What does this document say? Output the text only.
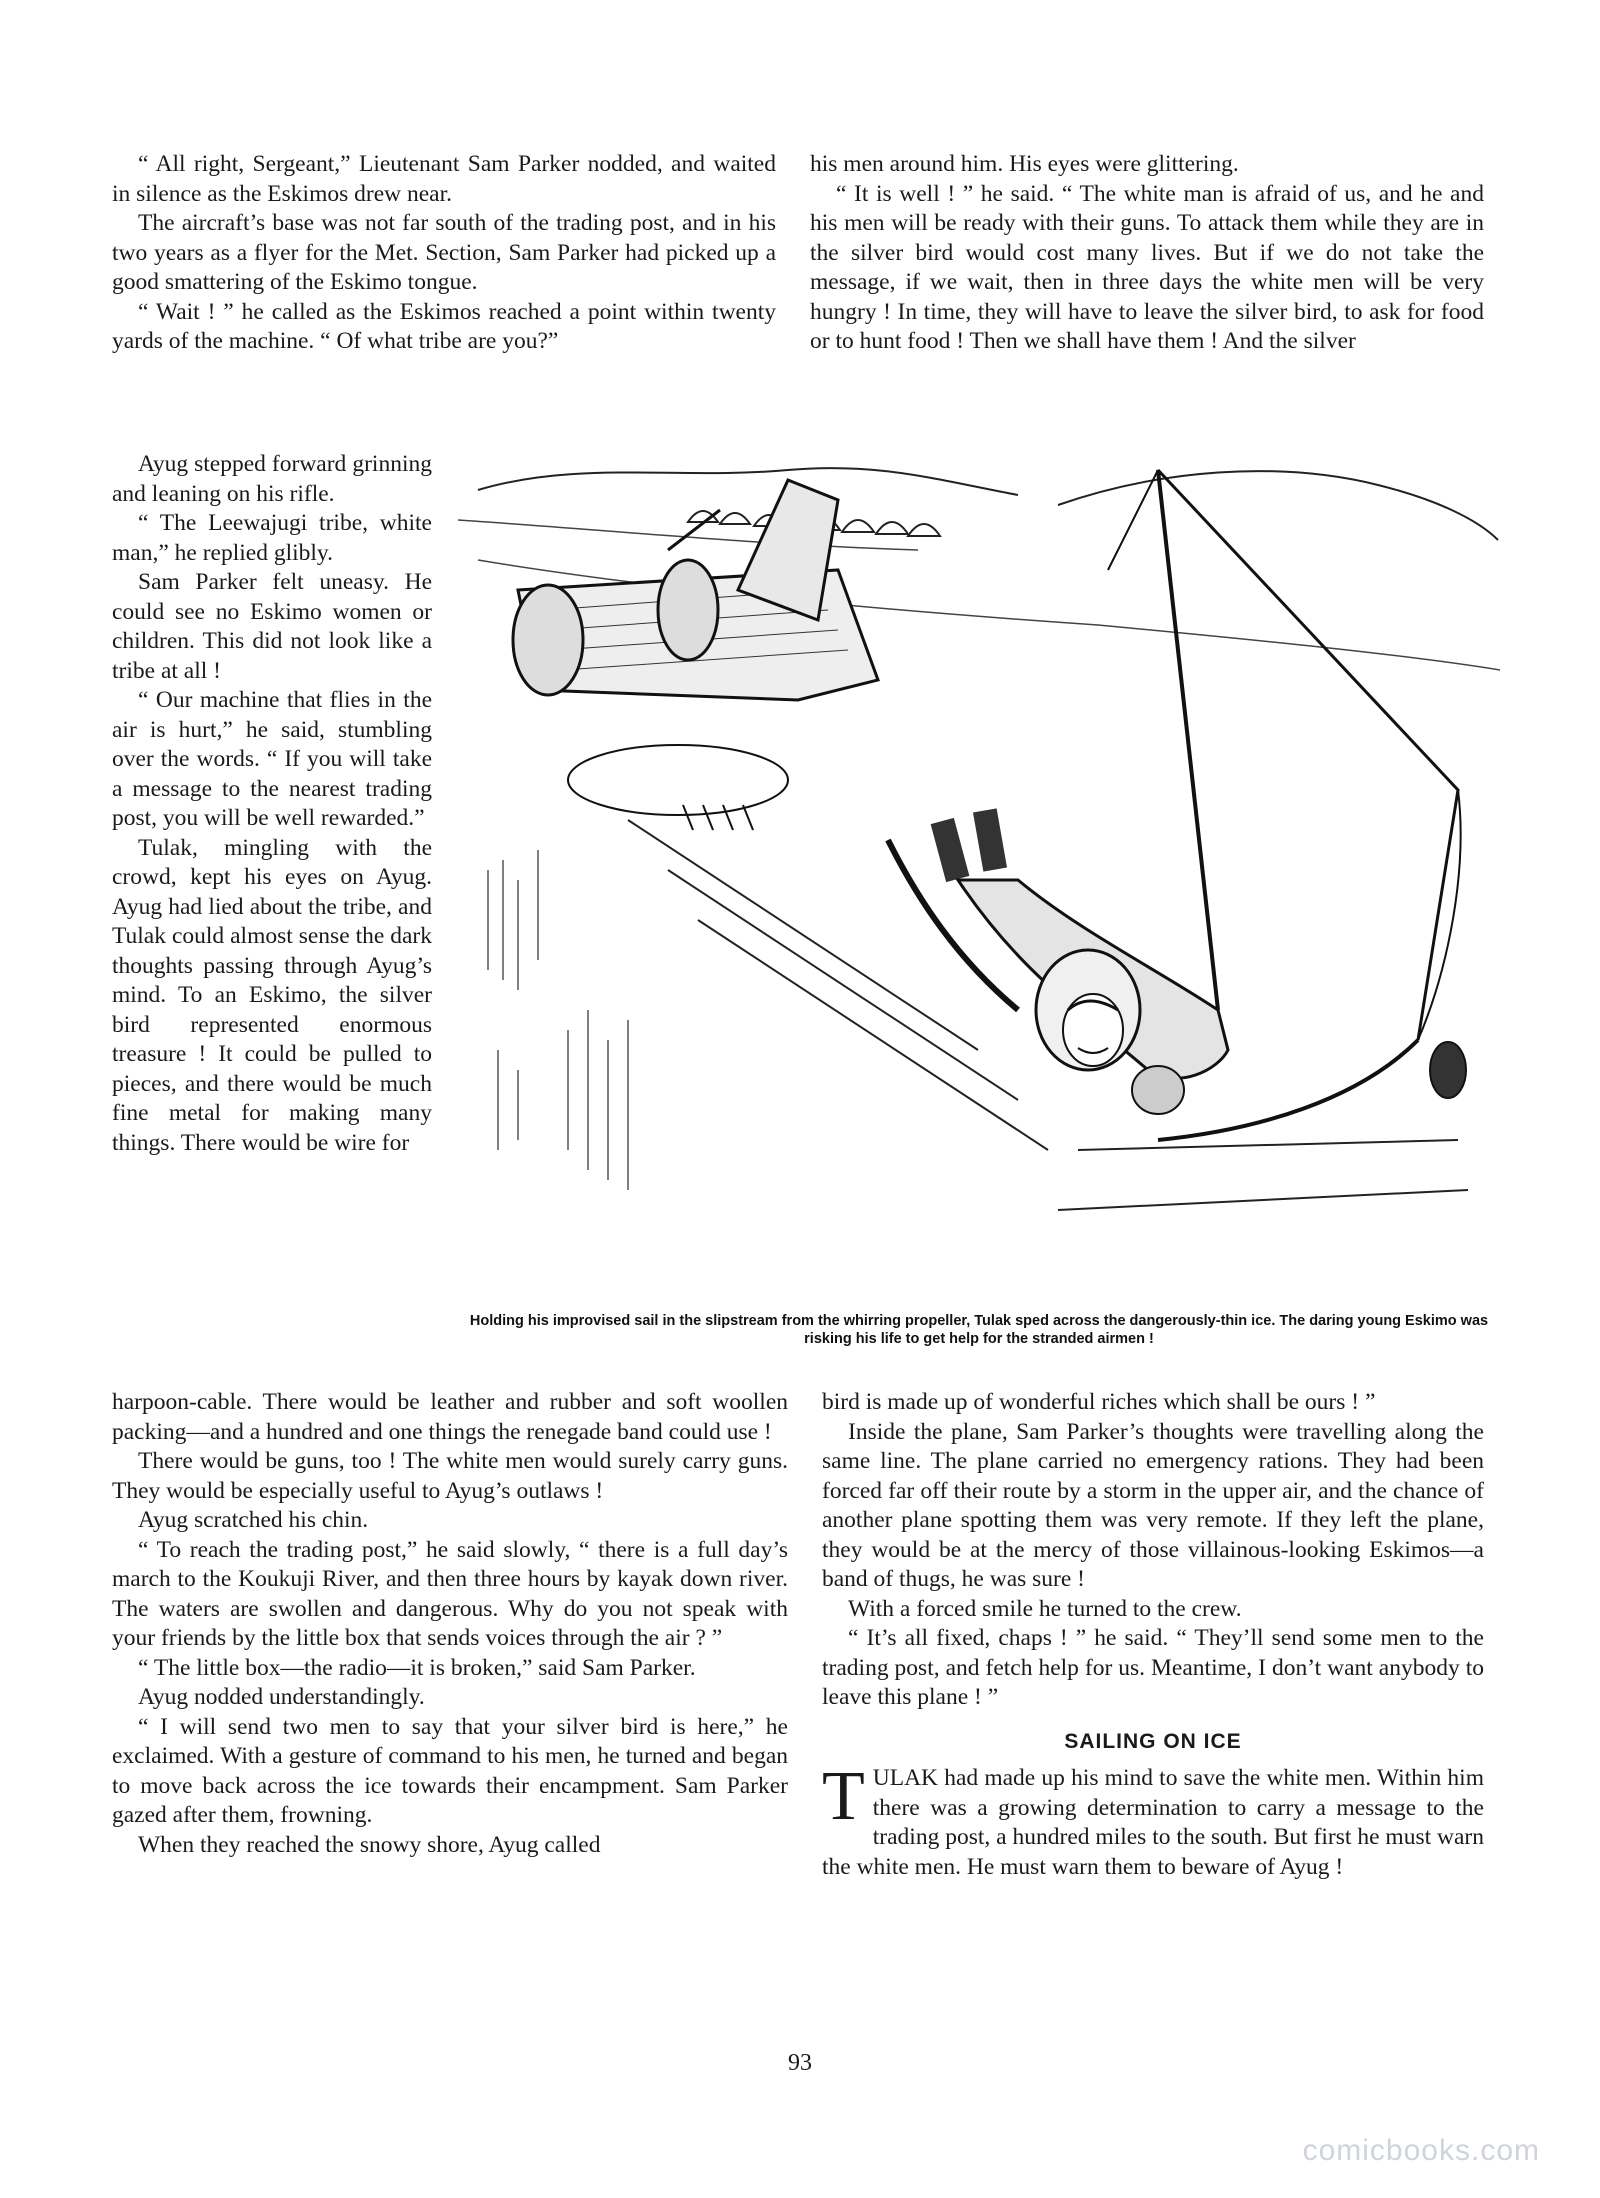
“ All right, Sergeant,” Lieutenant Sam Parker nodded, and waited in silence as the Eskimos drew near.

The aircraft’s base was not far south of the trading post, and in his two years as a flyer for the Met. Section, Sam Parker had picked up a good smattering of the Eskimo tongue.

“ Wait ! ” he called as the Eskimos reached a point within twenty yards of the machine. “ Of what tribe are you?”

his men around him. His eyes were glittering.

“ It is well ! ” he said. “ The white man is afraid of us, and he and his men will be ready with their guns. To attack them while they are in the silver bird would cost many lives. But if we do not take the message, if we wait, then in three days the white men will be very hungry ! In time, they will have to leave the silver bird, to ask for food or to hunt food ! Then we shall have them ! And the silver

Ayug stepped forward grinning and leaning on his rifle.

“ The Leewajugi tribe, white man,” he replied glibly.

Sam Parker felt uneasy. He could see no Eskimo women or children. This did not look like a tribe at all !

“ Our machine that flies in the air is hurt,” he said, stumbling over the words. “ If you will take a message to the nearest trading post, you will be well rewarded.”

Tulak, mingling with the crowd, kept his eyes on Ayug. Ayug had lied about the tribe, and Tulak could almost sense the dark thoughts passing through Ayug’s mind. To an Eskimo, the silver bird represented enormous treasure ! It could be pulled to pieces, and there would be much fine metal for making many things. There would be wire for

Holding his improvised sail in the slipstream from the whirring propeller, Tulak sped across the dangerously-thin ice. The daring young Eskimo was risking his life to get help for the stranded airmen !

harpoon-cable. There would be leather and rubber and soft woollen packing—and a hundred and one things the renegade band could use !

There would be guns, too ! The white men would surely carry guns. They would be especially useful to Ayug’s outlaws !

Ayug scratched his chin.

“ To reach the trading post,” he said slowly, “ there is a full day’s march to the Koukuji River, and then three hours by kayak down river. The waters are swollen and dangerous. Why do you not speak with your friends by the little box that sends voices through the air ? ”

“ The little box—the radio—it is broken,” said Sam Parker.

Ayug nodded understandingly.

“ I will send two men to say that your silver bird is here,” he exclaimed. With a gesture of command to his men, he turned and began to move back across the ice towards their encampment. Sam Parker gazed after them, frowning.

When they reached the snowy shore, Ayug called

bird is made up of wonderful riches which shall be ours ! ”

Inside the plane, Sam Parker’s thoughts were travelling along the same line. The plane carried no emergency rations. They had been forced far off their route by a storm in the upper air, and the chance of another plane spotting them was very remote. If they left the plane, they would be at the mercy of those villainous-looking Eskimos—a band of thugs, he was sure !

With a forced smile he turned to the crew.

“ It’s all fixed, chaps ! ” he said. “ They’ll send some men to the trading post, and fetch help for us. Meantime, I don’t want anybody to leave this plane ! ”

SAILING ON ICE

TULAK had made up his mind to save the white men. Within him there was a growing determination to carry a message to the trading post, a hundred miles to the south. But first he must warn the white men. He must warn them to beware of Ayug !

93
comicbooks.com
